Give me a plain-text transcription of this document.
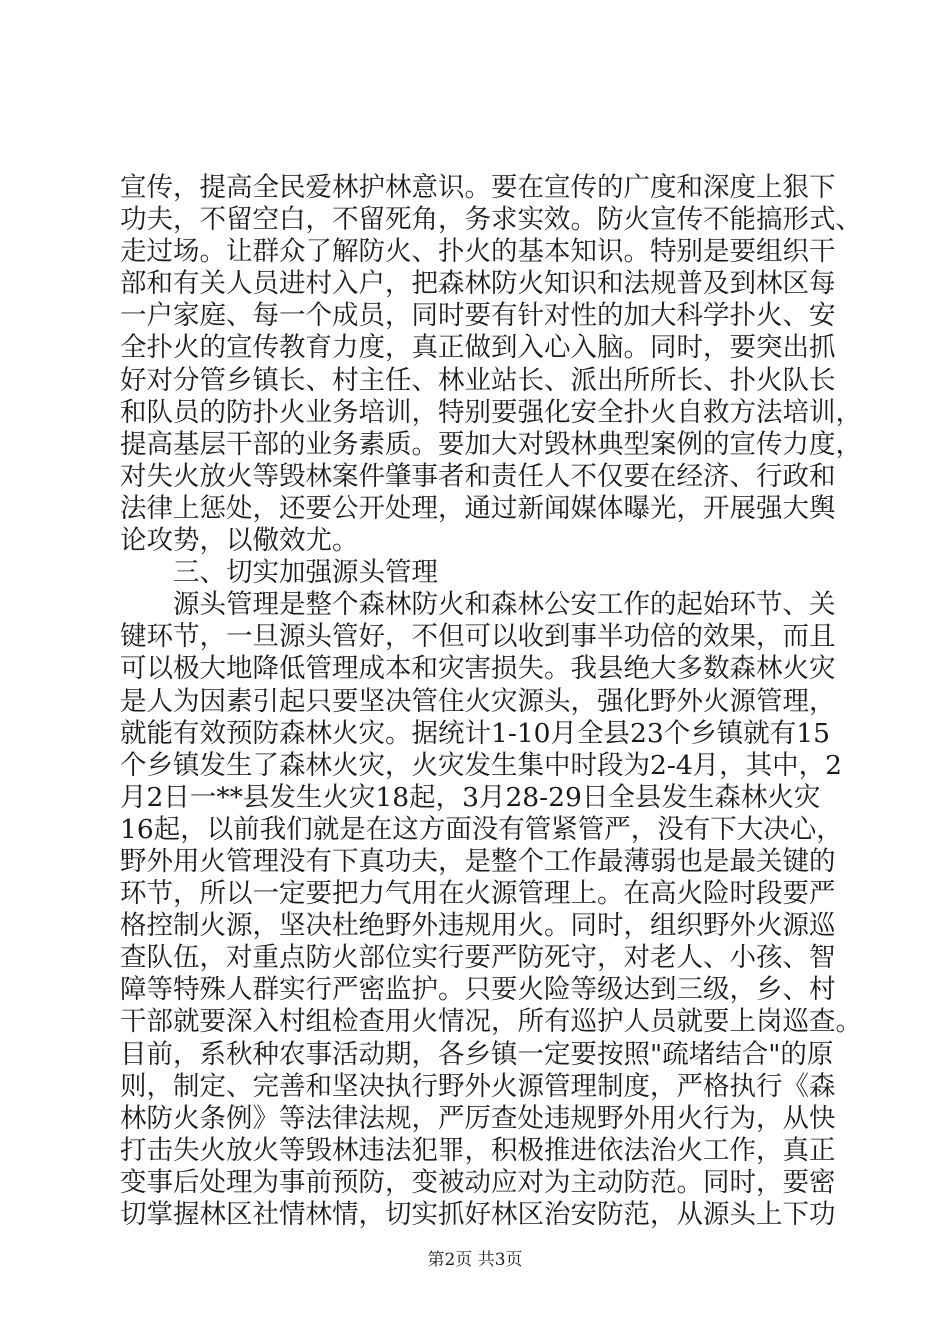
宣传，提高全民爱林护林意识。要在宣传的广度和深度上狠下
功夫，不留空白，不留死角，务求实效。防火宣传不能搞形式、
走过场。让群众了解防火、扑火的基本知识。特别是要组织干
部和有关人员进村入户，把森林防火知识和法规普及到林区每
一户家庭、每一个成员，同时要有针对性的加大科学扑火、安
全扑火的宣传教育力度，真正做到入心入脑。同时，要突出抓
好对分管乡镇长、村主任、林业站长、派出所所长、扑火队长
和队员的防扑火业务培训，特别要强化安全扑火自救方法培训，
提高基层干部的业务素质。要加大对毁林典型案例的宣传力度，
对失火放火等毁林案件肇事者和责任人不仅要在经济、行政和
法律上惩处，还要公开处理，通过新闻媒体曝光，开展强大舆
论攻势，以儆效尤。
　　三、切实加强源头管理
　　源头管理是整个森林防火和森林公安工作的起始环节、关
键环节，一旦源头管好，不但可以收到事半功倍的效果，而且
可以极大地降低管理成本和灾害损失。我县绝大多数森林火灾
是人为因素引起只要坚决管住火灾源头，强化野外火源管理，
就能有效预防森林火灾。据统计1-10月全县23个乡镇就有15
个乡镇发生了森林火灾，火灾发生集中时段为2-4月，其中，2
月2日一**县发生火灾18起，3月28-29日全县发生森林火灾
16起，以前我们就是在这方面没有管紧管严，没有下大决心，
野外用火管理没有下真功夫，是整个工作最薄弱也是最关键的
环节，所以一定要把力气用在火源管理上。在高火险时段要严
格控制火源，坚决杜绝野外违规用火。同时，组织野外火源巡
查队伍，对重点防火部位实行要严防死守，对老人、小孩、智
障等特殊人群实行严密监护。只要火险等级达到三级，乡、村
干部就要深入村组检查用火情况，所有巡护人员就要上岗巡查。
目前，系秋种农事活动期，各乡镇一定要按照"疏堵结合"的原
则，制定、完善和坚决执行野外火源管理制度，严格执行《森
林防火条例》等法律法规，严厉查处违规野外用火行为，从快
打击失火放火等毁林违法犯罪，积极推进依法治火工作，真正
变事后处理为事前预防，变被动应对为主动防范。同时，要密
切掌握林区社情林情，切实抓好林区治安防范，从源头上下功
第2页 共3页
